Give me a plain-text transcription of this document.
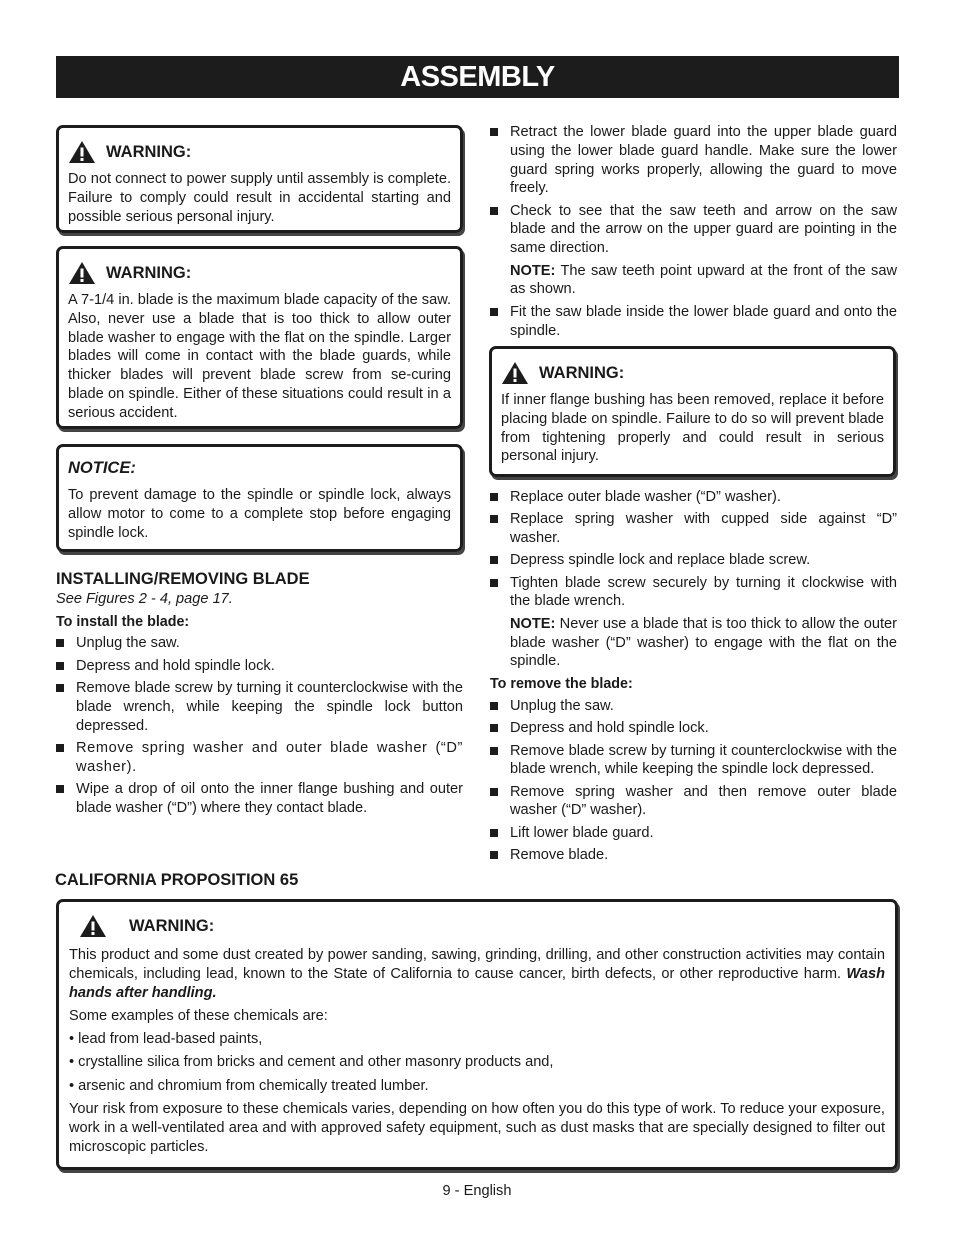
ASSEMBLY
WARNING:

Do not connect to power supply until assembly is complete. Failure to comply could result in accidental starting and possible serious personal injury.

WARNING:

A 7-1/4 in. blade is the maximum blade capacity of the saw. Also, never use a blade that is too thick to allow outer blade washer to engage with the flat on the spindle. Larger blades will come in contact with the blade guards, while thicker blades will prevent blade screw from se-curing blade on spindle. Either of these situations could result in a serious accident.

NOTICE:

To prevent damage to the spindle or spindle lock, always allow motor to come to a complete stop before engaging spindle lock.

INSTALLING/REMOVING BLADE
See Figures 2 - 4, page 17.
To install the blade:
Unplug the saw.
Depress and hold spindle lock.
Remove blade screw by turning it counterclockwise with the blade wrench, while keeping the spindle lock button depressed.
Remove spring washer and outer blade washer (“D” washer).
Wipe a drop of oil onto the inner flange bushing and outer blade washer (“D”) where they contact blade.
CALIFORNIA PROPOSITION 65
Retract the lower blade guard into the upper blade guard using the lower blade guard handle. Make sure the lower guard spring works properly, allowing the guard to move freely.
Check to see that the saw teeth and arrow on the saw blade and the arrow on the upper guard are pointing in the same direction.
NOTE: The saw teeth point upward at the front of the saw as shown.
Fit the saw blade inside the lower blade guard and onto the spindle.
WARNING:

If inner flange bushing has been removed, replace it before placing blade on spindle. Failure to do so will prevent blade from tightening properly and could result in serious personal injury.

Replace outer blade washer (“D” washer).
Replace spring washer with cupped side against “D” washer.
Depress spindle lock and replace blade screw.
Tighten blade screw securely by turning it clockwise with the blade wrench.
NOTE: Never use a blade that is too thick to allow the outer blade washer (“D” washer) to engage with the flat on the spindle.
To remove the blade:
Unplug the saw.
Depress and hold spindle lock.
Remove blade screw by turning it counterclockwise with the blade wrench, while keeping the spindle lock depressed.
Remove spring washer and then remove outer blade washer (“D” washer).
Lift lower blade guard.
Remove blade.
WARNING:

This product and some dust created by power sanding, sawing, grinding, drilling, and other construction activities may contain chemicals, including lead, known to the State of California to cause cancer, birth defects, or other reproductive harm. Wash hands after handling.

Some examples of these chemicals are:

• lead from lead-based paints,

• crystalline silica from bricks and cement and other masonry products and,

• arsenic and chromium from chemically treated lumber.

Your risk from exposure to these chemicals varies, depending on how often you do this type of work. To reduce your exposure, work in a well-ventilated area and with approved safety equipment, such as dust masks that are specially designed to filter out microscopic particles.

9 - English
